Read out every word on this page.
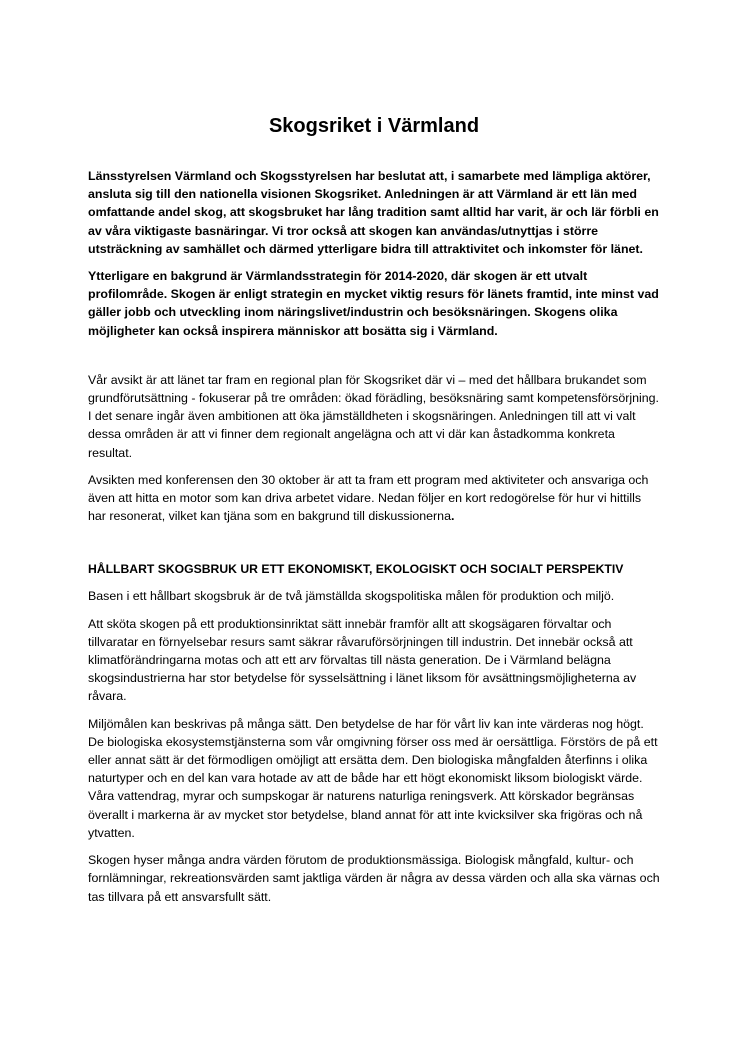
Skogsriket i Värmland

Länsstyrelsen Värmland och Skogsstyrelsen har beslutat att, i samarbete med lämpliga aktörer, ansluta sig till den nationella visionen Skogsriket. Anledningen är att Värmland är ett län med omfattande andel skog, att skogsbruket har lång tradition samt alltid har varit, är och lär förbli en av våra viktigaste basnäringar. Vi tror också att skogen kan användas/utnyttjas i större utsträckning av samhället och därmed ytterligare bidra till attraktivitet och inkomster för länet.

Ytterligare en bakgrund är Värmlandsstrategin för 2014-2020, där skogen är ett utvalt profilområde. Skogen är enligt strategin en mycket viktig resurs för länets framtid, inte minst vad gäller jobb och utveckling inom näringslivet/industrin och besöksnäringen. Skogens olika möjligheter kan också inspirera människor att bosätta sig i Värmland.

Vår avsikt är att länet tar fram en regional plan för Skogsriket där vi – med det hållbara brukandet som grundförutsättning - fokuserar på tre områden: ökad förädling, besöksnäring samt kompetensförsörjning. I det senare ingår även ambitionen att öka jämställdheten i skogsnäringen. Anledningen till att vi valt dessa områden är att vi finner dem regionalt angelägna och att vi där kan åstadkomma konkreta resultat.

Avsikten med konferensen den 30 oktober är att ta fram ett program med aktiviteter och ansvariga och även att hitta en motor som kan driva arbetet vidare. Nedan följer en kort redogörelse för hur vi hittills har resonerat, vilket kan tjäna som en bakgrund till diskussionerna.

HÅLLBART SKOGSBRUK UR ETT EKONOMISKT, EKOLOGISKT OCH SOCIALT PERSPEKTIV

Basen i ett hållbart skogsbruk är de två jämställda skogspolitiska målen för produktion och miljö.

Att sköta skogen på ett produktionsinriktat sätt innebär framför allt att skogsägaren förvaltar och tillvaratar en förnyelsebar resurs samt säkrar råvaruförsörjningen till industrin. Det innebär också att klimatförändringarna motas och att ett arv förvaltas till nästa generation. De i Värmland belägna skogsindustrierna har stor betydelse för sysselsättning i länet liksom för avsättningsmöjligheterna av råvara.

Miljömålen kan beskrivas på många sätt. Den betydelse de har för vårt liv kan inte värderas nog högt. De biologiska ekosystemstjänsterna som vår omgivning förser oss med är oersättliga. Förstörs de på ett eller annat sätt är det förmodligen omöjligt att ersätta dem. Den biologiska mångfalden återfinns i olika naturtyper och en del kan vara hotade av att de både har ett högt ekonomiskt liksom biologiskt värde. Våra vattendrag, myrar och sumpskogar är naturens naturliga reningsverk. Att körskador begränsas överallt i markerna är av mycket stor betydelse, bland annat för att inte kvicksilver ska frigöras och nå ytvatten.

Skogen hyser många andra värden förutom de produktionsmässiga. Biologisk mångfald, kultur- och fornlämningar, rekreationsvärden samt jaktliga värden är några av dessa värden och alla ska värnas och tas tillvara på ett ansvarsfullt sätt.
